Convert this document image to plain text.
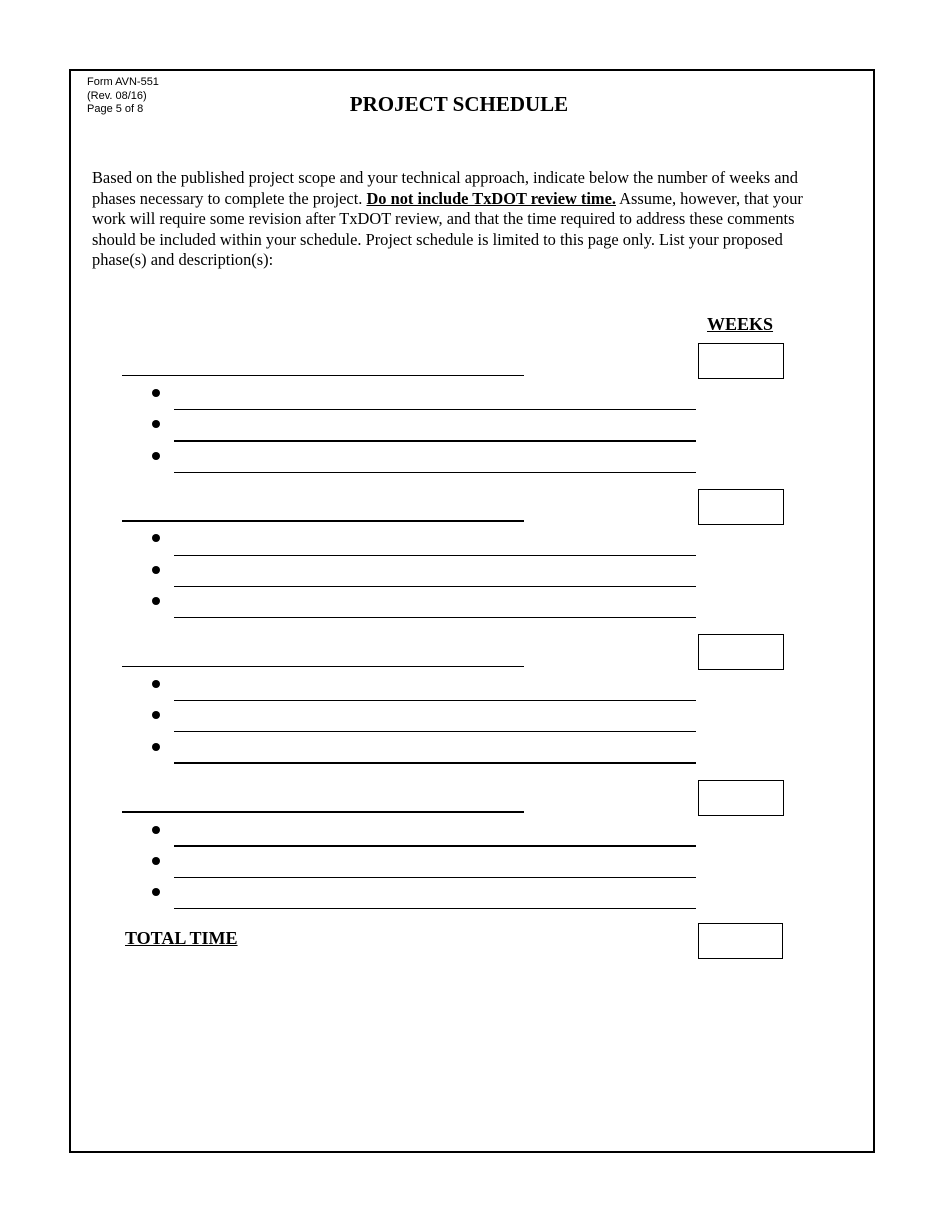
Form AVN-551
(Rev. 08/16)
Page 5 of 8	PROJECT SCHEDULE
Based on the published project scope and your technical approach, indicate below the number of weeks and phases necessary to complete the project. Do not include TxDOT review time. Assume, however, that your work will require some revision after TxDOT review, and that the time required to address these comments should be included within your schedule. Project schedule is limited to this page only. List your proposed phase(s) and description(s):
WEEKS
TOTAL TIME
